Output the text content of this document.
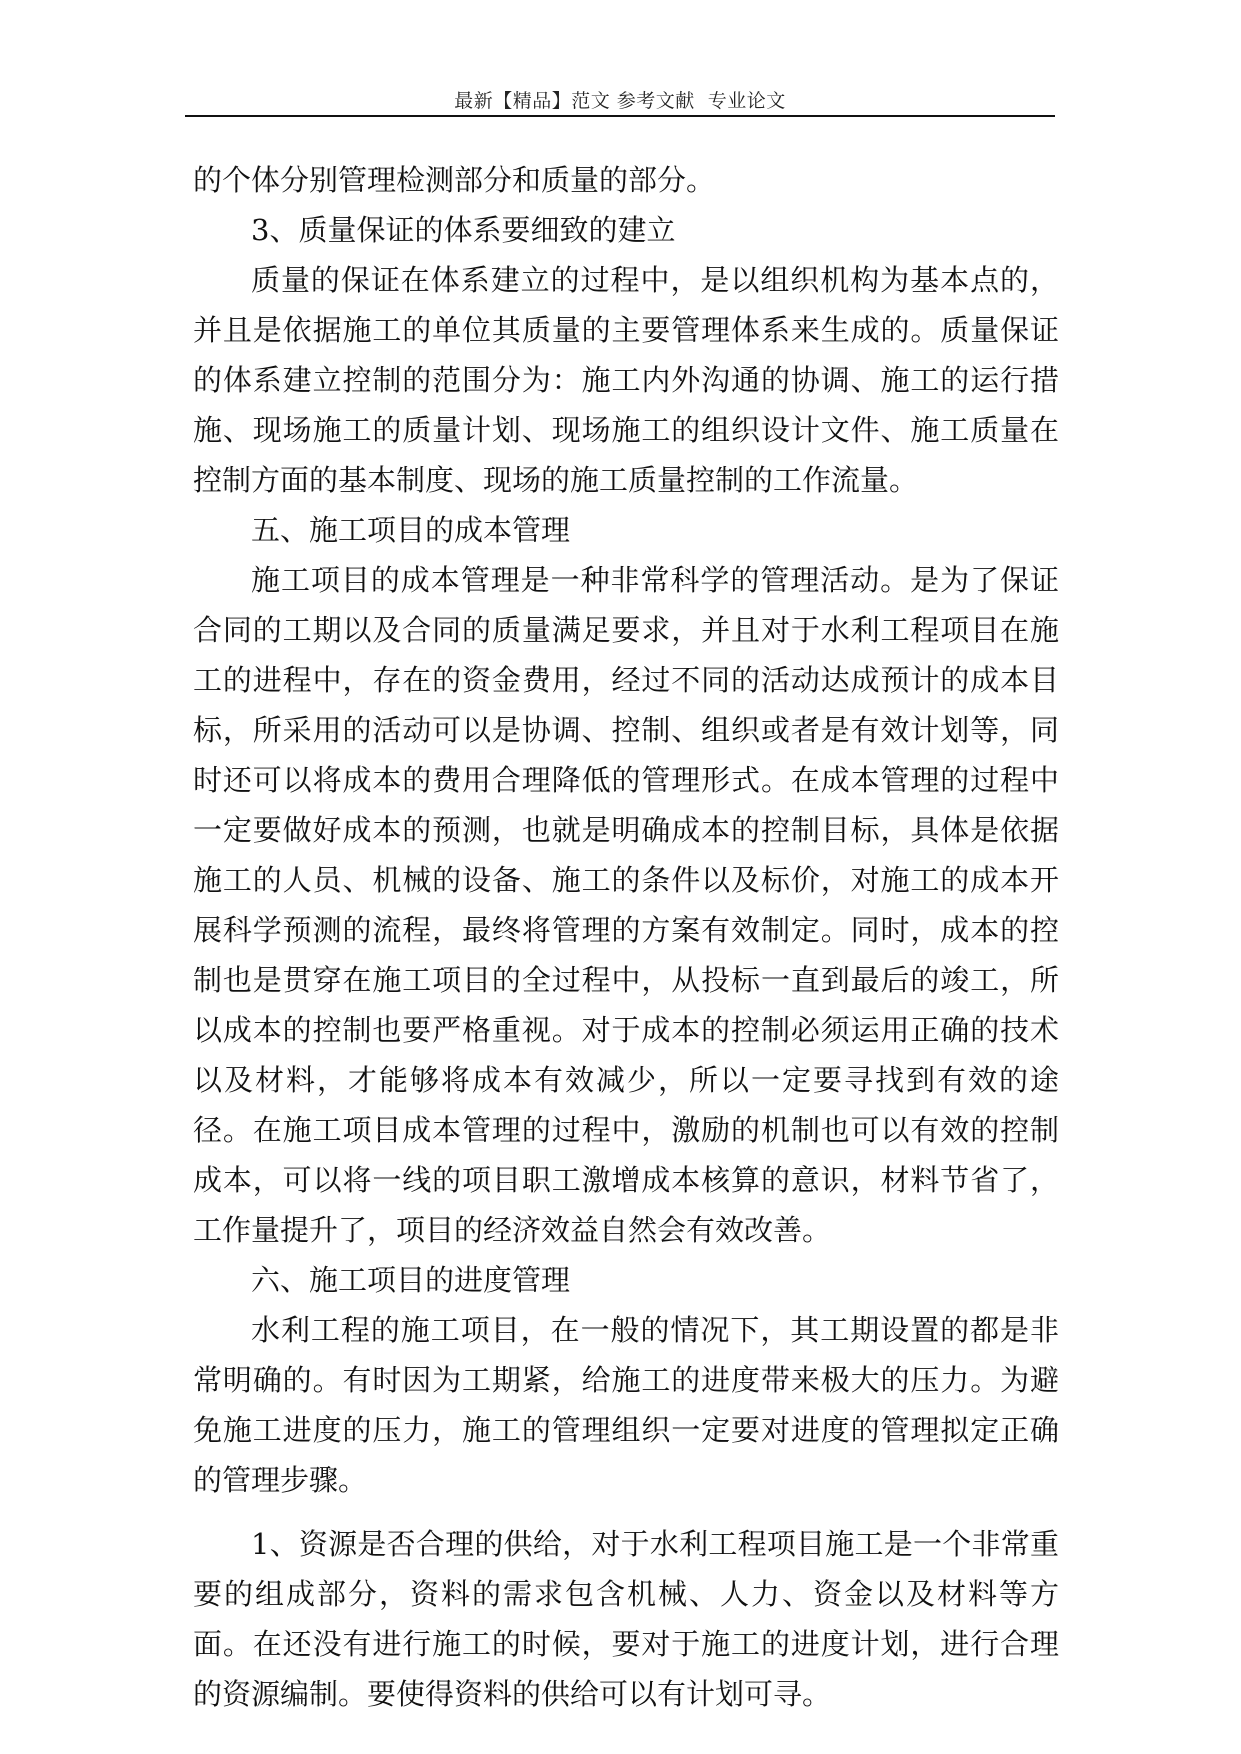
最新【精品】范文 参考文献  专业论文

的个体分别管理检测部分和质量的部分。

3、质量保证的体系要细致的建立

质量的保证在体系建立的过程中，是以组织机构为基本点的，并且是依据施工的单位其质量的主要管理体系来生成的。质量保证的体系建立控制的范围分为：施工内外沟通的协调、施工的运行措施、现场施工的质量计划、现场施工的组织设计文件、施工质量在控制方面的基本制度、现场的施工质量控制的工作流量。

五、施工项目的成本管理

施工项目的成本管理是一种非常科学的管理活动。是为了保证合同的工期以及合同的质量满足要求，并且对于水利工程项目在施工的进程中，存在的资金费用，经过不同的活动达成预计的成本目标，所采用的活动可以是协调、控制、组织或者是有效计划等，同时还可以将成本的费用合理降低的管理形式。在成本管理的过程中一定要做好成本的预测，也就是明确成本的控制目标，具体是依据施工的人员、机械的设备、施工的条件以及标价，对施工的成本开展科学预测的流程，最终将管理的方案有效制定。同时，成本的控制也是贯穿在施工项目的全过程中，从投标一直到最后的竣工，所以成本的控制也要严格重视。对于成本的控制必须运用正确的技术以及材料，才能够将成本有效减少，所以一定要寻找到有效的途径。在施工项目成本管理的过程中，激励的机制也可以有效的控制成本，可以将一线的项目职工激增成本核算的意识，材料节省了，工作量提升了，项目的经济效益自然会有效改善。

六、施工项目的进度管理

水利工程的施工项目，在一般的情况下，其工期设置的都是非常明确的。有时因为工期紧，给施工的进度带来极大的压力。为避免施工进度的压力，施工的管理组织一定要对进度的管理拟定正确的管理步骤。

1、资源是否合理的供给，对于水利工程项目施工是一个非常重要的组成部分，资料的需求包含机械、人力、资金以及材料等方面。在还没有进行施工的时候，要对于施工的进度计划，进行合理的资源编制。要使得资料的供给可以有计划可寻。
